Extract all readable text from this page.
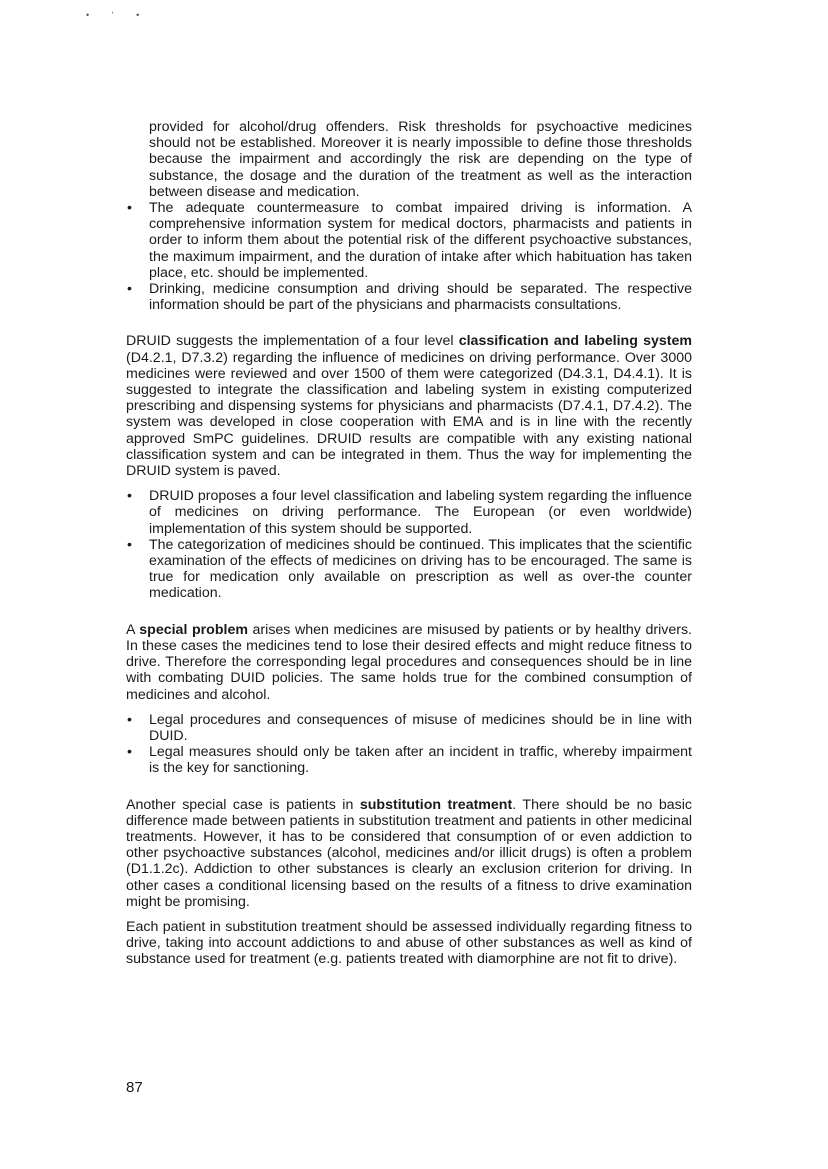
• ‘ •
provided for alcohol/drug offenders. Risk thresholds for psychoactive medicines should not be established. Moreover it is nearly impossible to define those thresholds because the impairment and accordingly the risk are depending on the type of substance, the dosage and the duration of the treatment as well as the interaction between disease and medication.
• The adequate countermeasure to combat impaired driving is information. A comprehensive information system for medical doctors, pharmacists and patients in order to inform them about the potential risk of the different psychoactive substances, the maximum impairment, and the duration of intake after which habituation has taken place, etc. should be implemented.
• Drinking, medicine consumption and driving should be separated. The respective information should be part of the physicians and pharmacists consultations.

DRUID suggests the implementation of a four level classification and labeling system (D4.2.1, D7.3.2) regarding the influence of medicines on driving performance. Over 3000 medicines were reviewed and over 1500 of them were categorized (D4.3.1, D4.4.1). It is suggested to integrate the classification and labeling system in existing computerized prescribing and dispensing systems for physicians and pharmacists (D7.4.1, D7.4.2). The system was developed in close cooperation with EMA and is in line with the recently approved SmPC guidelines. DRUID results are compatible with any existing national classification system and can be integrated in them. Thus the way for implementing the DRUID system is paved.

• DRUID proposes a four level classification and labeling system regarding the influence of medicines on driving performance. The European (or even worldwide) implementation of this system should be supported.
• The categorization of medicines should be continued. This implicates that the scientific examination of the effects of medicines on driving has to be encouraged. The same is true for medication only available on prescription as well as over-the counter medication.

A special problem arises when medicines are misused by patients or by healthy drivers. In these cases the medicines tend to lose their desired effects and might reduce fitness to drive. Therefore the corresponding legal procedures and consequences should be in line with combating DUID policies. The same holds true for the combined consumption of medicines and alcohol.

• Legal procedures and consequences of misuse of medicines should be in line with DUID.
• Legal measures should only be taken after an incident in traffic, whereby impairment is the key for sanctioning.

Another special case is patients in substitution treatment. There should be no basic difference made between patients in substitution treatment and patients in other medicinal treatments. However, it has to be considered that consumption of or even addiction to other psychoactive substances (alcohol, medicines and/or illicit drugs) is often a problem (D1.1.2c). Addiction to other substances is clearly an exclusion criterion for driving. In other cases a conditional licensing based on the results of a fitness to drive examination might be promising.

Each patient in substitution treatment should be assessed individually regarding fitness to drive, taking into account addictions to and abuse of other substances as well as kind of substance used for treatment (e.g. patients treated with diamorphine are not fit to drive).

87
